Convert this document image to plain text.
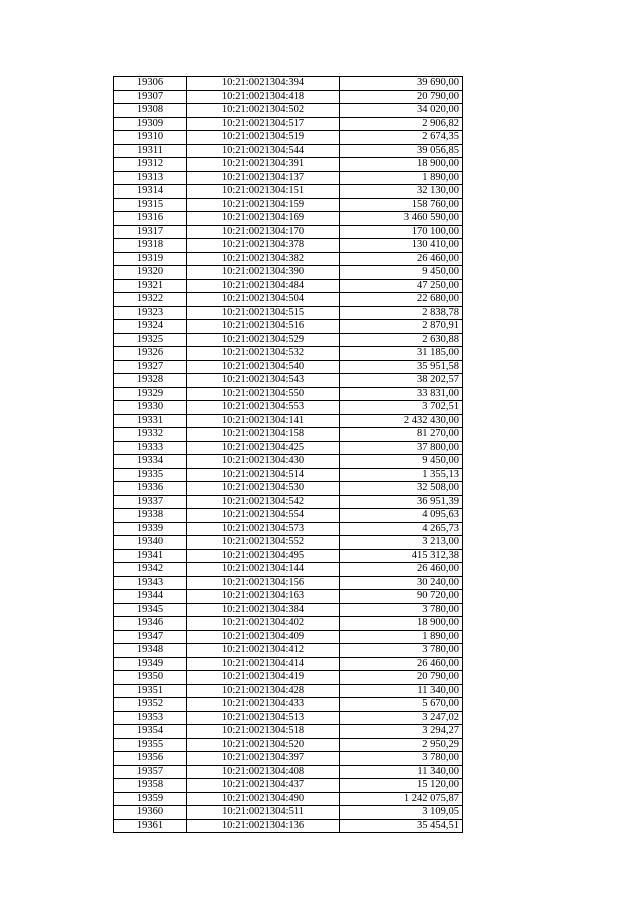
19306	10:21:0021304:394	39 690,00
19307	10:21:0021304:418	20 790,00
19308	10:21:0021304:502	34 020,00
19309	10:21:0021304:517	2 906,82
19310	10:21:0021304:519	2 674,35
19311	10:21:0021304:544	39 056,85
19312	10:21:0021304:391	18 900,00
19313	10:21:0021304:137	1 890,00
19314	10:21:0021304:151	32 130,00
19315	10:21:0021304:159	158 760,00
19316	10:21:0021304:169	3 460 590,00
19317	10:21:0021304:170	170 100,00
19318	10:21:0021304:378	130 410,00
19319	10:21:0021304:382	26 460,00
19320	10:21:0021304:390	9 450,00
19321	10:21:0021304:484	47 250,00
19322	10:21:0021304:504	22 680,00
19323	10:21:0021304:515	2 838,78
19324	10:21:0021304:516	2 870,91
19325	10:21:0021304:529	2 630,88
19326	10:21:0021304:532	31 185,00
19327	10:21:0021304:540	35 951,58
19328	10:21:0021304:543	38 202,57
19329	10:21:0021304:550	33 831,00
19330	10:21:0021304:553	3 702,51
19331	10:21:0021304:141	2 432 430,00
19332	10:21:0021304:158	81 270,00
19333	10:21:0021304:425	37 800,00
19334	10:21:0021304:430	9 450,00
19335	10:21:0021304:514	1 355,13
19336	10:21:0021304:530	32 508,00
19337	10:21:0021304:542	36 951,39
19338	10:21:0021304:554	4 095,63
19339	10:21:0021304:573	4 265,73
19340	10:21:0021304:552	3 213,00
19341	10:21:0021304:495	415 312,38
19342	10:21:0021304:144	26 460,00
19343	10:21:0021304:156	30 240,00
19344	10:21:0021304:163	90 720,00
19345	10:21:0021304:384	3 780,00
19346	10:21:0021304:402	18 900,00
19347	10:21:0021304:409	1 890,00
19348	10:21:0021304:412	3 780,00
19349	10:21:0021304:414	26 460,00
19350	10:21:0021304:419	20 790,00
19351	10:21:0021304:428	11 340,00
19352	10:21:0021304:433	5 670,00
19353	10:21:0021304:513	3 247,02
19354	10:21:0021304:518	3 294,27
19355	10:21:0021304:520	2 950,29
19356	10:21:0021304:397	3 780,00
19357	10:21:0021304:408	11 340,00
19358	10:21:0021304:437	15 120,00
19359	10:21:0021304:490	1 242 075,87
19360	10:21:0021304:511	3 109,05
19361	10:21:0021304:136	35 454,51
